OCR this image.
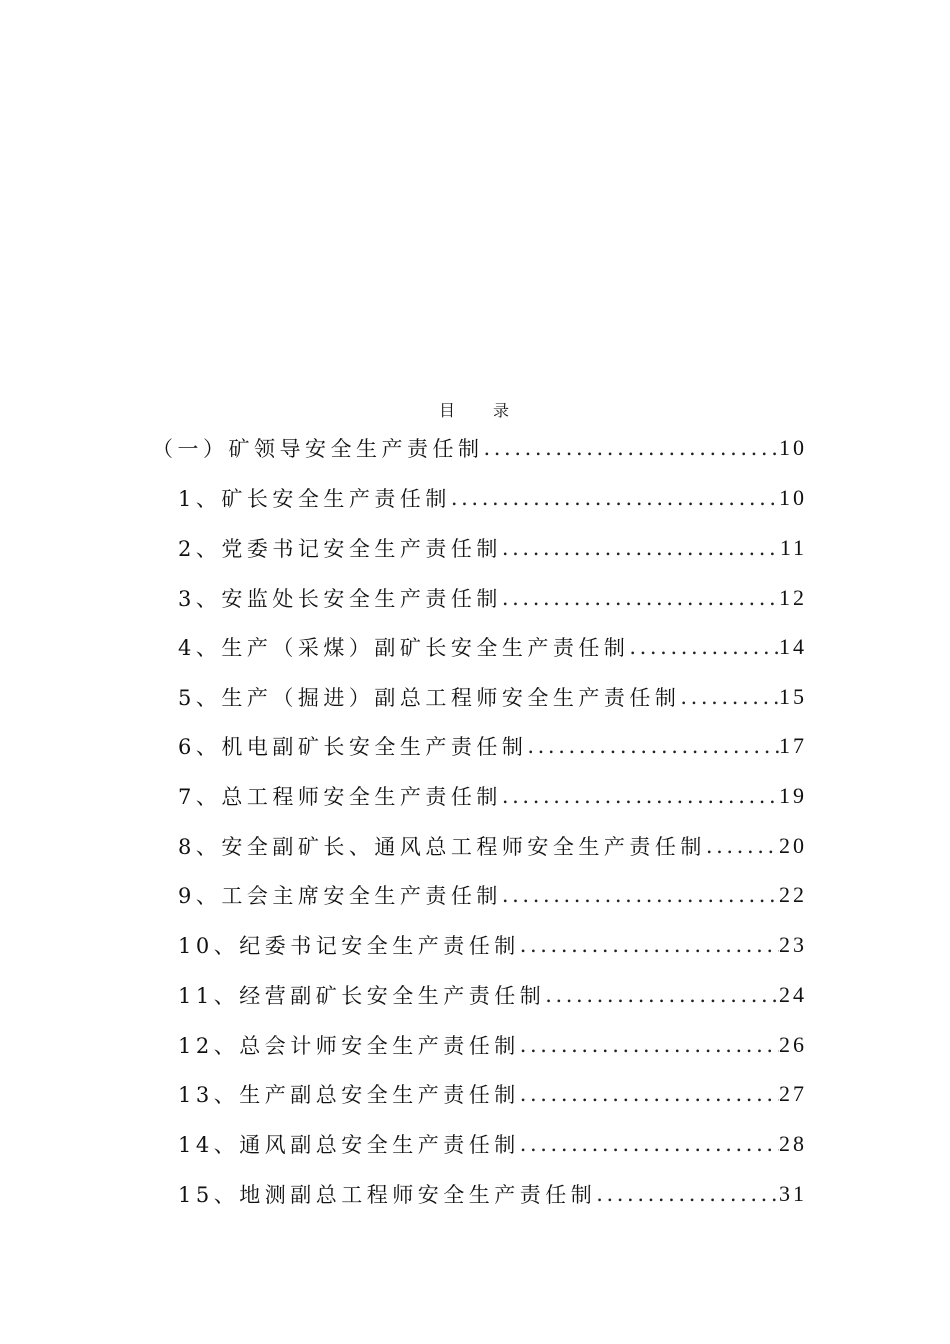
目 录
（一）矿领导安全生产责任制 .....	10
1、矿长安全生产责任制 .....	10
2、党委书记安全生产责任制 .....	11
3、安监处长安全生产责任制 .....	12
4、生产（采煤）副矿长安全生产责任制 .....	14
5、生产（掘进）副总工程师安全生产责任制 .....	15
6、机电副矿长安全生产责任制 .....	17
7、总工程师安全生产责任制 .....	19
8、安全副矿长、通风总工程师安全生产责任制 .....	20
9、工会主席安全生产责任制 .....	22
10、纪委书记安全生产责任制 .....	23
11、经营副矿长安全生产责任制 .....	24
12、总会计师安全生产责任制 .....	26
13、生产副总安全生产责任制 .....	27
14、通风副总安全生产责任制 .....	28
15、地测副总工程师安全生产责任制 .....	31
